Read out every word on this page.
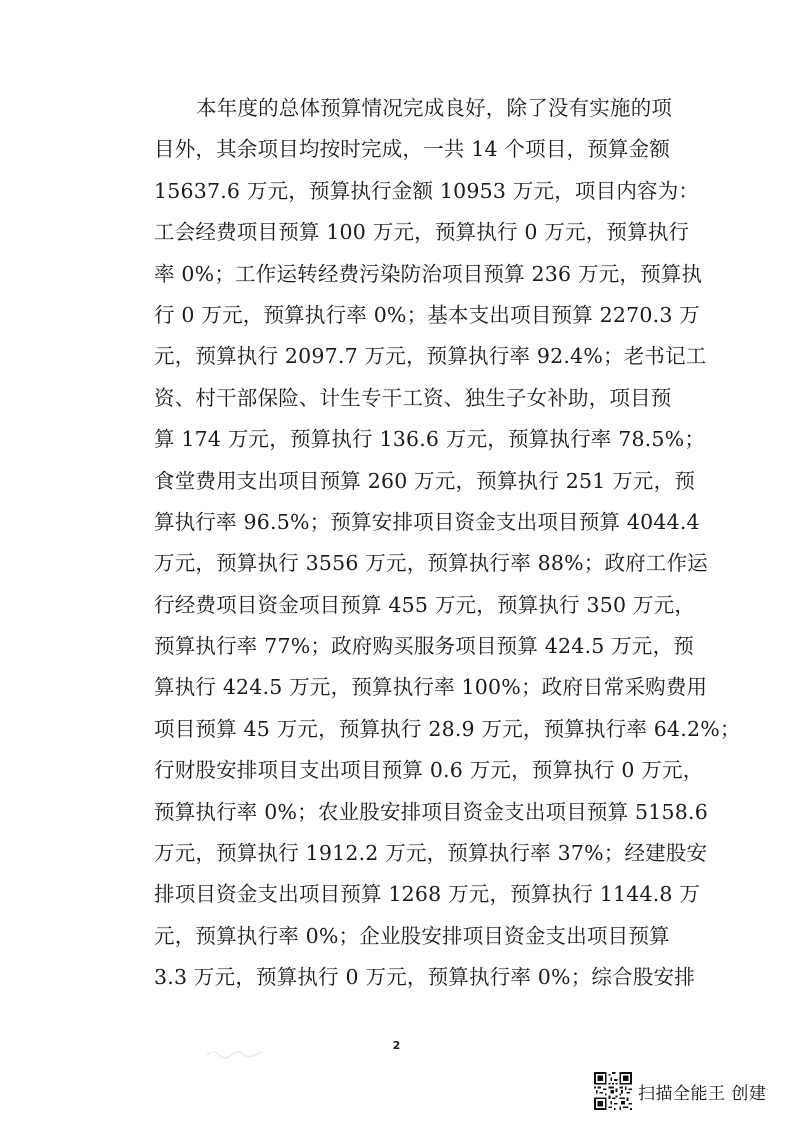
本年度的总体预算情况完成良好，除了没有实施的项
目外，其余项目均按时完成，一共 14 个项目，预算金额
15637.6 万元，预算执行金额 10953 万元，项目内容为：
工会经费项目预算 100 万元，预算执行 0 万元，预算执行
率 0%；工作运转经费污染防治项目预算 236 万元，预算执
行 0 万元，预算执行率 0%；基本支出项目预算 2270.3 万
元，预算执行 2097.7 万元，预算执行率 92.4%；老书记工
资、村干部保险、计生专干工资、独生子女补助，项目预
算 174 万元，预算执行 136.6 万元，预算执行率 78.5%；
食堂费用支出项目预算 260 万元，预算执行 251 万元，预
算执行率 96.5%；预算安排项目资金支出项目预算 4044.4
万元，预算执行 3556 万元，预算执行率 88%；政府工作运
行经费项目资金项目预算 455 万元，预算执行 350 万元，
预算执行率 77%；政府购买服务项目预算 424.5 万元，预
算执行 424.5 万元，预算执行率 100%；政府日常采购费用
项目预算 45 万元，预算执行 28.9 万元，预算执行率 64.2%；
行财股安排项目支出项目预算 0.6 万元，预算执行 0 万元，
预算执行率 0%；农业股安排项目资金支出项目预算 5158.6
万元，预算执行 1912.2 万元，预算执行率 37%；经建股安
排项目资金支出项目预算 1268 万元，预算执行 1144.8 万
元，预算执行率 0%；企业股安排项目资金支出项目预算
3.3 万元，预算执行 0 万元，预算执行率 0%；综合股安排
2
扫描全能王 创建
